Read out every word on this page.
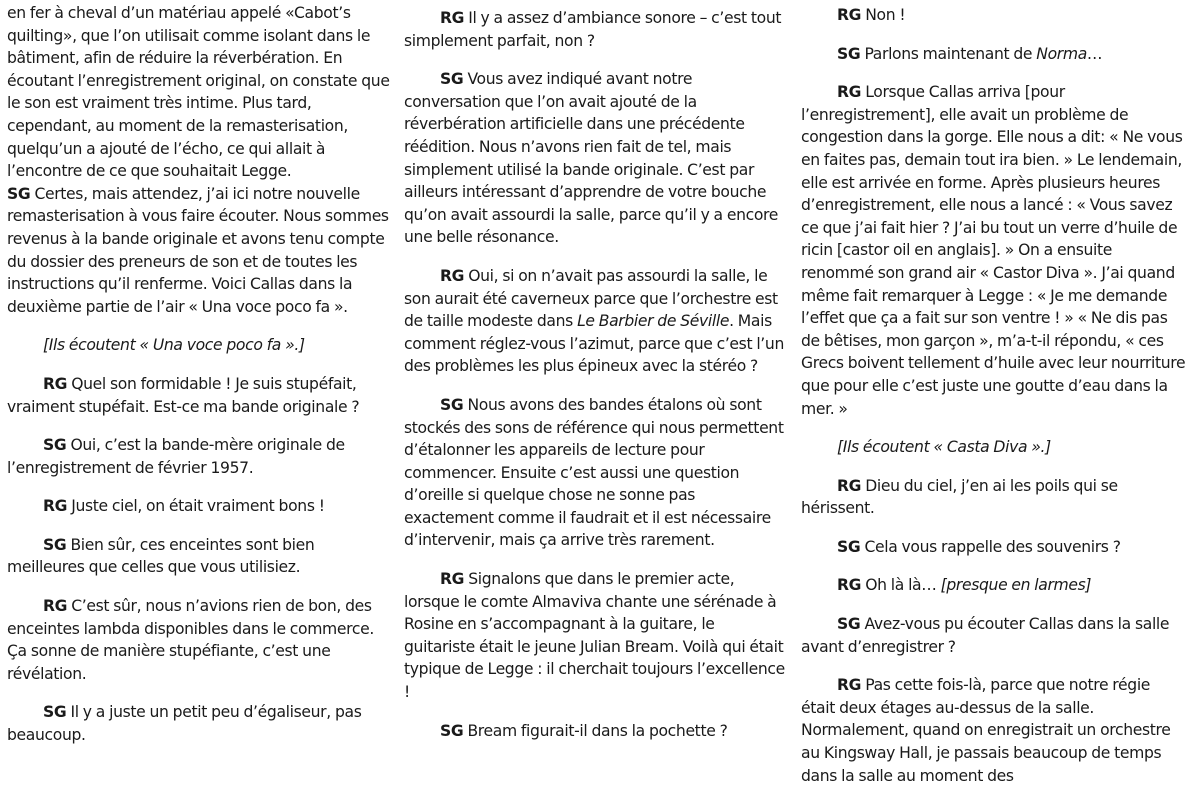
en fer à cheval d’un matériau appelé «Cabot’s quilting», que l’on utilisait comme isolant dans le bâtiment, afin de réduire la réverbération. En écoutant l’enregistrement original, on constate que le son est vraiment très intime. Plus tard, cependant, au moment de la remasterisation, quelqu’un a ajouté de l’écho, ce qui allait à l’encontre de ce que souhaitait Legge.

SG Certes, mais attendez, j’ai ici notre nouvelle remasterisation à vous faire écouter. Nous sommes revenus à la bande originale et avons tenu compte du dossier des preneurs de son et de toutes les instructions qu’il renferme. Voici Callas dans la deuxième partie de l’air « Una voce poco fa ».

[Ils écoutent « Una voce poco fa ».]

RG Quel son formidable ! Je suis stupéfait, vraiment stupéfait. Est-ce ma bande originale ?

SG Oui, c’est la bande-mère originale de l’enregistrement de février 1957.

RG Juste ciel, on était vraiment bons !

SG Bien sûr, ces enceintes sont bien meilleures que celles que vous utilisiez.

RG C’est sûr, nous n’avions rien de bon, des enceintes lambda disponibles dans le commerce. Ça sonne de manière stupéfiante, c’est une révélation.

SG Il y a juste un petit peu d’égaliseur, pas beaucoup.

RG Il y a assez d’ambiance sonore – c’est tout simplement parfait, non ?

SG Vous avez indiqué avant notre conversation que l’on avait ajouté de la réverbération artificielle dans une précédente réédition. Nous n’avons rien fait de tel, mais simplement utilisé la bande originale. C’est par ailleurs intéressant d’apprendre de votre bouche qu’on avait assourdi la salle, parce qu’il y a encore une belle résonance.

RG Oui, si on n’avait pas assourdi la salle, le son aurait été caverneux parce que l’orchestre est de taille modeste dans Le Barbier de Séville. Mais comment réglez-vous l’azimut, parce que c’est l’un des problèmes les plus épineux avec la stéréo ?

SG Nous avons des bandes étalons où sont stockés des sons de référence qui nous permettent d’étalonner les appareils de lecture pour commencer. Ensuite c’est aussi une question d’oreille si quelque chose ne sonne pas exactement comme il faudrait et il est nécessaire d’intervenir, mais ça arrive très rarement.

RG Signalons que dans le premier acte, lorsque le comte Almaviva chante une sérénade à Rosine en s’accompagnant à la guitare, le guitariste était le jeune Julian Bream. Voilà qui était typique de Legge : il cherchait toujours l’excellence !

SG Bream figurait-il dans la pochette ?

RG Non !

SG Parlons maintenant de Norma…

RG Lorsque Callas arriva [pour l’enregistrement], elle avait un problème de congestion dans la gorge. Elle nous a dit: « Ne vous en faites pas, demain tout ira bien. » Le lendemain, elle est arrivée en forme. Après plusieurs heures d’enregistrement, elle nous a lancé : « Vous savez ce que j’ai fait hier ? J’ai bu tout un verre d’huile de ricin [castor oil en anglais]. » On a ensuite renommé son grand air « Castor Diva ». J’ai quand même fait remarquer à Legge : « Je me demande l’effet que ça a fait sur son ventre ! » « Ne dis pas de bêtises, mon garçon », m’a-t-il répondu, « ces Grecs boivent tellement d’huile avec leur nourriture que pour elle c’est juste une goutte d’eau dans la mer. »

[Ils écoutent « Casta Diva ».]

RG Dieu du ciel, j’en ai les poils qui se hérissent.

SG Cela vous rappelle des souvenirs ?

RG Oh là là… [presque en larmes]

SG Avez-vous pu écouter Callas dans la salle avant d’enregistrer ?

RG Pas cette fois-là, parce que notre régie était deux étages au-dessus de la salle. Normalement, quand on enregistrait un orchestre au Kingsway Hall, je passais beaucoup de temps dans la salle au moment des
